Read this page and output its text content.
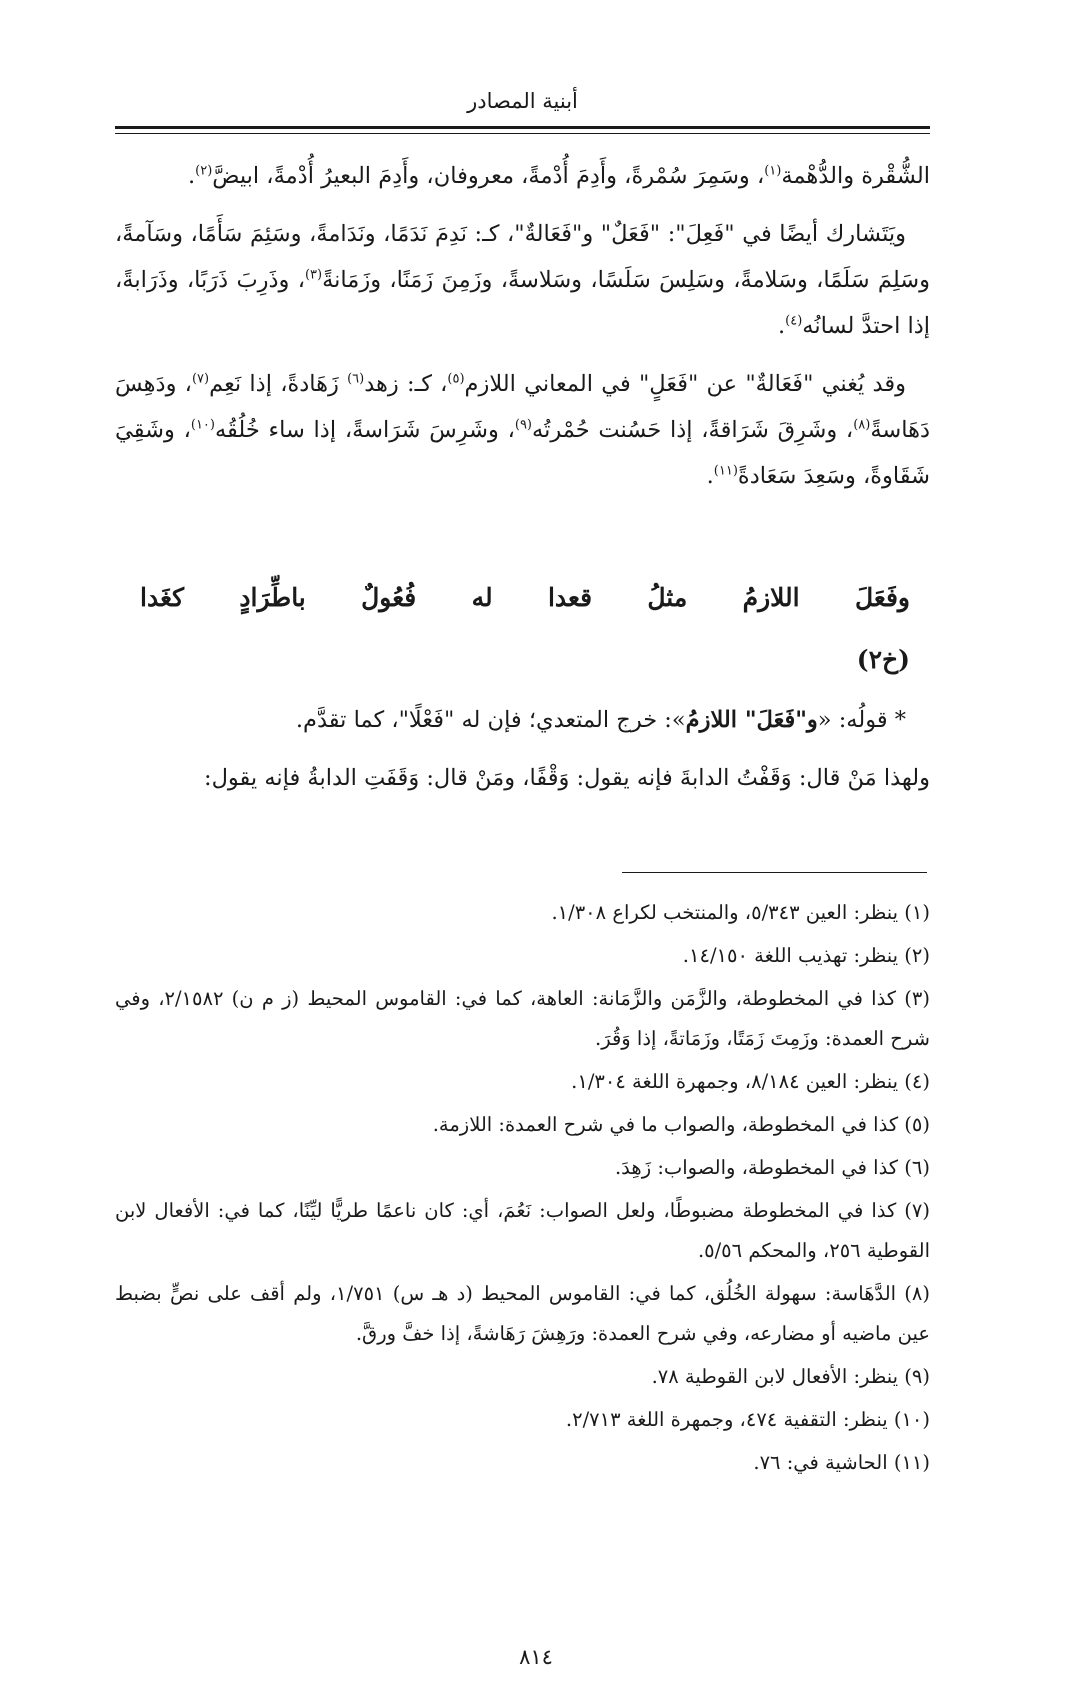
أبنية المصادر

الشُّقْرة والدُّهْمة$^{(١)}$، وسَمِرَ سُمْرةً، وأَدِمَ أُدْمةً، معروفان، وأَدِمَ البعيرُ أُدْمةً، ابيضَّ$^{(٢)}$.

ويَتَشارك أيضًا في "فَعِلَ": "فَعَلٌ" و"فَعَالةٌ"، كـ: نَدِمَ نَدَمًا، ونَدَامةً، وسَئِمَ سَأَمًا، وسَآمةً، وسَلِمَ سَلَمًا، وسَلامةً، وسَلِسَ سَلَسًا، وسَلاسةً، وزَمِنَ زَمَنًا، وزَمَانةً$^{(٣)}$، وذَرِبَ ذَرَبًا، وذَرَابةً، إذا احتدَّ لسانُه$^{(٤)}$.

وقد يُغني "فَعَالةٌ" عن "فَعَلٍ" في المعاني اللازم$^{(٥)}$، كـ: زهد$^{(٦)}$ زَهَادةً، إذا نَعِم$^{(٧)}$، ودَهِسَ دَهَاسةً$^{(٨)}$، وشَرِقَ شَرَاقةً، إذا حَسُنت حُمْرتُه$^{(٩)}$، وشَرِسَ شَرَاسةً، إذا ساء خُلُقُه$^{(١٠)}$، وشَقِيَ شَقَاوةً، وسَعِدَ سَعَادةً$^{(١١)}$.

وفَعَلَ
اللازمُ
مثلُ
قعدا
له
فُعُولٌ
باطِّرَادٍ
كغَدا
(خ٢)

* قولُه: «و"فَعَلَ" اللازمُ»: خرج المتعدي؛ فإن له "فَعْلًا"، كما تقدَّم.

ولهذا مَنْ قال: وَقَفْتُ الدابةَ فإنه يقول: وَقْفًا، ومَنْ قال: وَقَفَتِ الدابةُ فإنه يقول:

(١) ينظر: العين ٥/٣٤٣، والمنتخب لكراع ١/٣٠٨.
(٢) ينظر: تهذيب اللغة ١٤/١٥٠.
(٣) كذا في المخطوطة، والزَّمَن والزَّمَانة: العاهة، كما في: القاموس المحيط (ز م ن) ٢/١٥٨٢، وفي شرح العمدة: وزَمِتَ زَمَتًا، وزَمَاتةً، إذا وَقُرَ.
(٤) ينظر: العين ٨/١٨٤، وجمهرة اللغة ١/٣٠٤.
(٥) كذا في المخطوطة، والصواب ما في شرح العمدة: اللازمة.
(٦) كذا في المخطوطة، والصواب: زَهِدَ.
(٧) كذا في المخطوطة مضبوطًا، ولعل الصواب: نَعُمَ، أي: كان ناعمًا طريًّا ليِّنًا، كما في: الأفعال لابن القوطية ٢٥٦، والمحكم ٥/٥٦.
(٨) الدَّهَاسة: سهولة الخُلُق، كما في: القاموس المحيط (د هـ س) ١/٧٥١، ولم أقف على نصٍّ بضبط عين ماضيه أو مضارعه، وفي شرح العمدة: ورَهِشَ رَهَاشةً، إذا خفَّ ورقَّ.
(٩) ينظر: الأفعال لابن القوطية ٧٨.
(١٠) ينظر: التقفية ٤٧٤، وجمهرة اللغة ٢/٧١٣.
(١١) الحاشية في: ٧٦.
٨١٤
